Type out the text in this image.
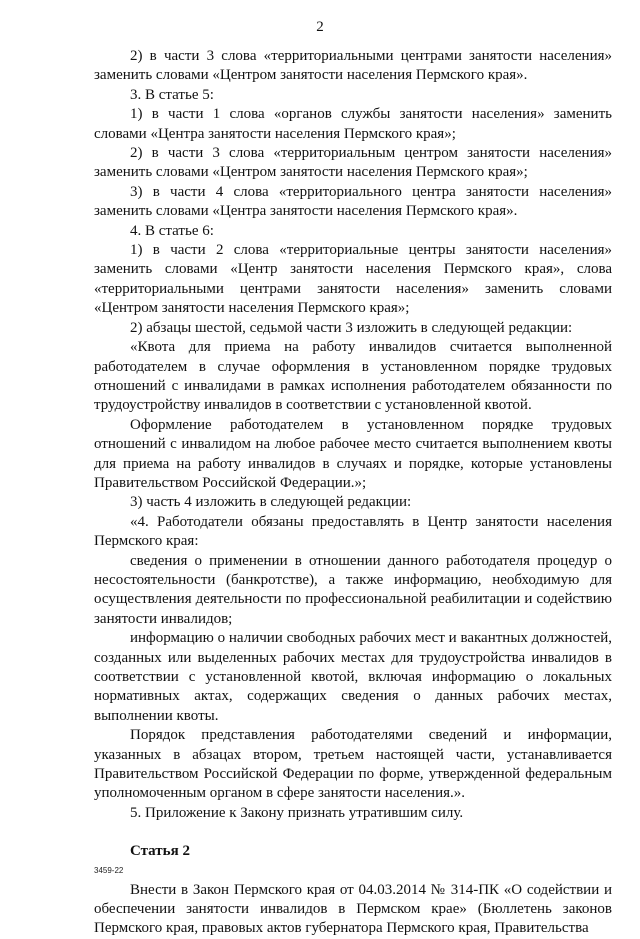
2

2) в части 3 слова «территориальными центрами занятости населения» заменить словами «Центром занятости населения Пермского края».

3. В статье 5:

1) в части 1 слова «органов службы занятости населения» заменить словами «Центра занятости населения Пермского края»;

2) в части 3 слова «территориальным центром занятости населения» заменить словами «Центром занятости населения Пермского края»;

3) в части 4 слова «территориального центра занятости населения» заменить словами «Центра занятости населения Пермского края».

4. В статье 6:

1) в части 2 слова «территориальные центры занятости населения» заменить словами «Центр занятости населения Пермского края», слова «территориальными центрами занятости населения» заменить словами «Центром занятости населения Пермского края»;

2) абзацы шестой, седьмой части 3 изложить в следующей редакции:

«Квота для приема на работу инвалидов считается выполненной работодателем в случае оформления в установленном порядке трудовых отношений с инвалидами в рамках исполнения работодателем обязанности по трудоустройству инвалидов в соответствии с установленной квотой.

Оформление работодателем в установленном порядке трудовых отношений с инвалидом на любое рабочее место считается выполнением квоты для приема на работу инвалидов в случаях и порядке, которые установлены Правительством Российской Федерации.»;

3) часть 4 изложить в следующей редакции:

«4. Работодатели обязаны предоставлять в Центр занятости населения Пермского края:

сведения о применении в отношении данного работодателя процедур о несостоятельности (банкротстве), а также информацию, необходимую для осуществления деятельности по профессиональной реабилитации и содействию занятости инвалидов;

информацию о наличии свободных рабочих мест и вакантных должностей, созданных или выделенных рабочих местах для трудоустройства инвалидов в соответствии с установленной квотой, включая информацию о локальных нормативных актах, содержащих сведения о данных рабочих местах, выполнении квоты.

Порядок представления работодателями сведений и информации, указанных в абзацах втором, третьем настоящей части, устанавливается Правительством Российской Федерации по форме, утвержденной федеральным уполномоченным органом в сфере занятости населения.».

5. Приложение к Закону признать утратившим силу.

Статья 2

Внести в Закон Пермского края от 04.03.2014 № 314-ПК «О содействии и обеспечении занятости инвалидов в Пермском крае» (Бюллетень законов Пермского края, правовых актов губернатора Пермского края, Правительства

3459-22
